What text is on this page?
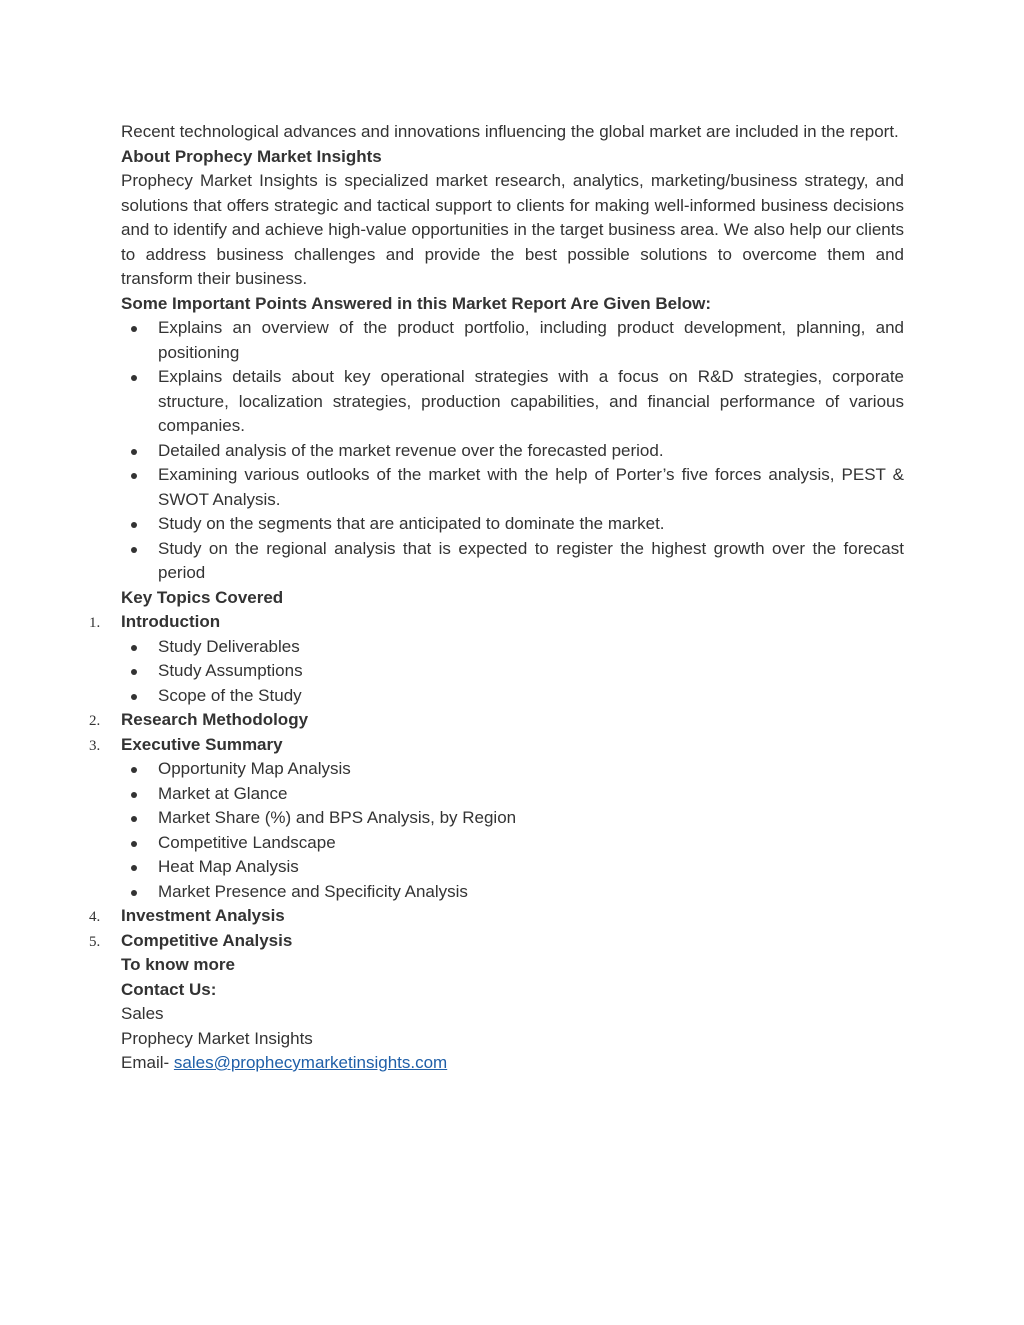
Recent technological advances and innovations influencing the global market are included in the report.

About Prophecy Market Insights

Prophecy Market Insights is specialized market research, analytics, marketing/business strategy, and solutions that offers strategic and tactical support to clients for making well-informed business decisions and to identify and achieve high-value opportunities in the target business area. We also help our clients to address business challenges and provide the best possible solutions to overcome them and transform their business.

Some Important Points Answered in this Market Report Are Given Below:

Explains an overview of the product portfolio, including product development, planning, and positioning
Explains details about key operational strategies with a focus on R&D strategies, corporate structure, localization strategies, production capabilities, and financial performance of various companies.
Detailed analysis of the market revenue over the forecasted period.
Examining various outlooks of the market with the help of Porter’s five forces analysis, PEST & SWOT Analysis.
Study on the segments that are anticipated to dominate the market.
Study on the regional analysis that is expected to register the highest growth over the forecast period

Key Topics Covered

1. Introduction

Study Deliverables
Study Assumptions
Scope of the Study
2. Research Methodology

3. Executive Summary

Opportunity Map Analysis
Market at Glance
Market Share (%) and BPS Analysis, by Region
Competitive Landscape
Heat Map Analysis
Market Presence and Specificity Analysis
4. Investment Analysis

5. Competitive Analysis

To know more

Contact Us:

Sales

Prophecy Market Insights

Email- sales@prophecymarketinsights.com
